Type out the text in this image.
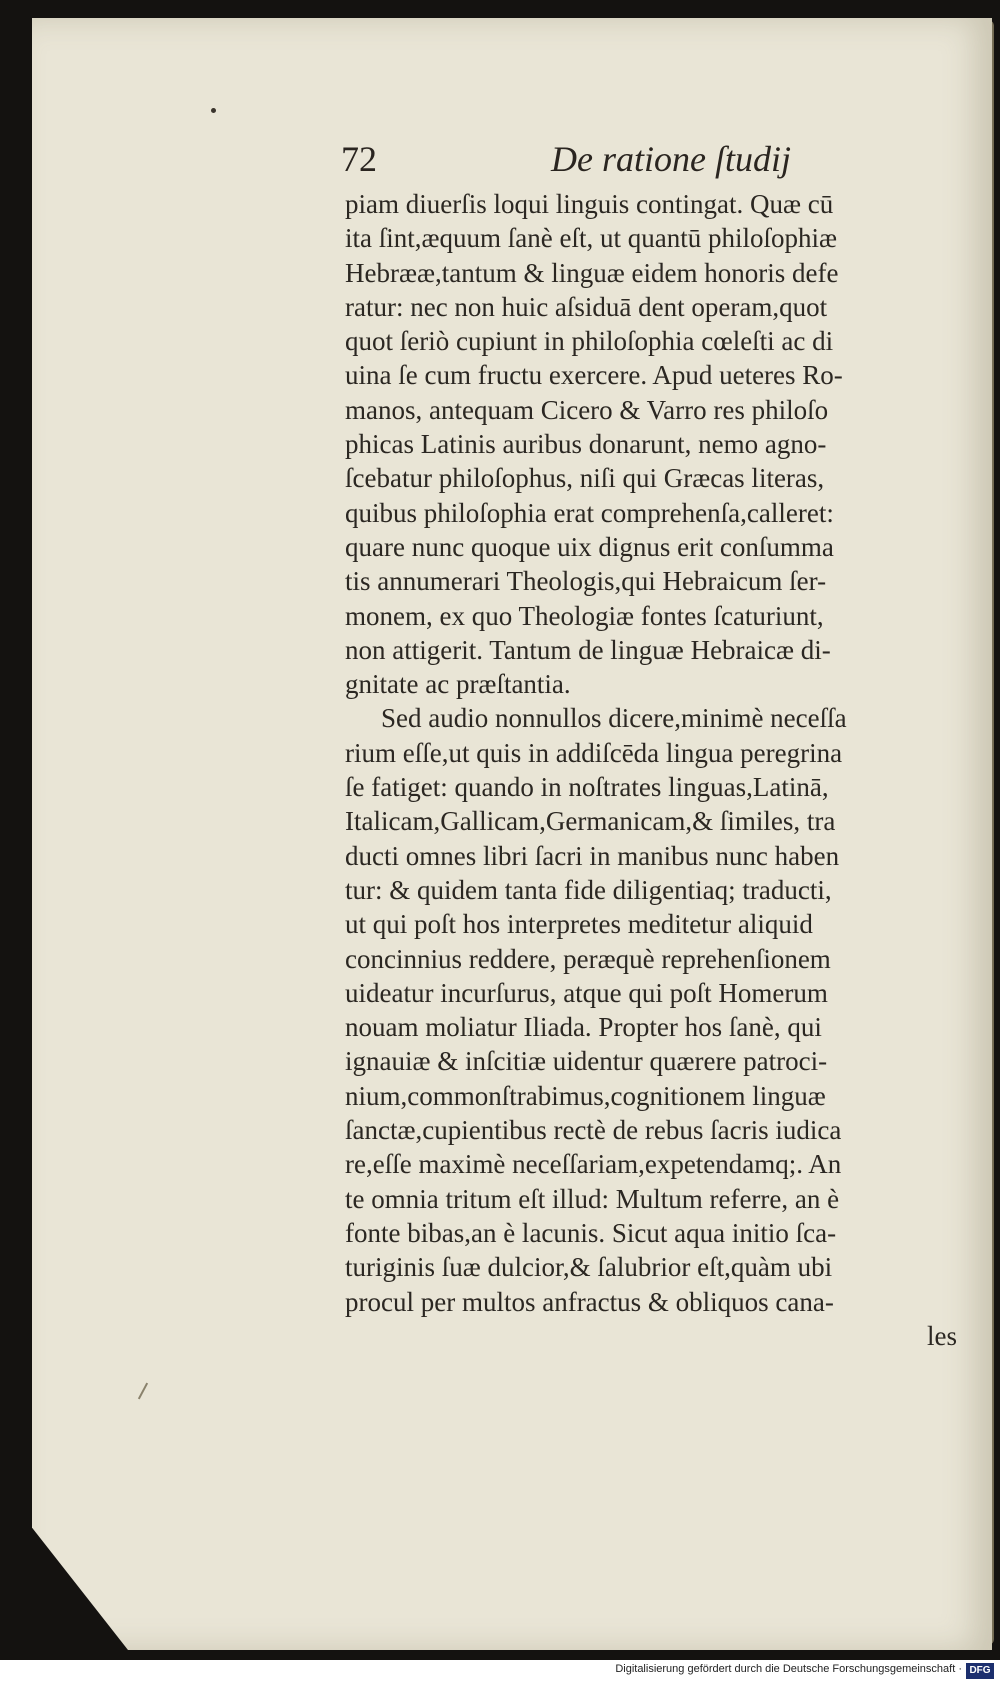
72	De ratione ſtudij
piam diuerſis loqui linguis contingat. Quæ cū
ita ſint,æquum ſanè eſt, ut quantū philoſophiæ
Hebrææ,tantum & linguæ eidem honoris defe
ratur: nec non huic aſsiduā dent operam,quot
quot ſeriò cupiunt in philoſophia cœleſti ac di
uina ſe cum fructu exercere. Apud ueteres Ro-
manos, antequam Cicero & Varro res philoſo
phicas Latinis auribus donarunt, nemo agno-
ſcebatur philoſophus, niſi qui Græcas literas,
quibus philoſophia erat comprehenſa,calleret:
quare nunc quoque uix dignus erit conſumma
tis annumerari Theologis,qui Hebraicum ſer-
monem, ex quo Theologiæ fontes ſcaturiunt,
non attigerit. Tantum de linguæ Hebraicæ di-
gnitate ac præſtantia.
Sed audio nonnullos dicere,minimè neceſſa
rium eſſe,ut quis in addiſcēda lingua peregrina
ſe fatiget: quando in noſtrates linguas,Latinā,
Italicam,Gallicam,Germanicam,& ſimiles, tra
ducti omnes libri ſacri in manibus nunc haben
tur: & quidem tanta fide diligentiaq; traducti,
ut qui poſt hos interpretes meditetur aliquid
concinnius reddere, peræquè reprehenſionem
uideatur incurſurus, atque qui poſt Homerum
nouam moliatur Iliada. Propter hos ſanè, qui
ignauiæ & inſcitiæ uidentur quærere patroci-
nium,commonſtrabimus,cognitionem linguæ
ſanctæ,cupientibus rectè de rebus ſacris iudica
re,eſſe maximè neceſſariam,expetendamq;. An
te omnia tritum eſt illud: Multum referre, an è
fonte bibas,an è lacunis. Sicut aqua initio ſca-
turiginis ſuæ dulcior,& ſalubrior eſt,quàm ubi
procul per multos anfractus & obliquos cana-
les
Digitalisierung gefördert durch die Deutsche Forschungsgemeinschaft · DFG
